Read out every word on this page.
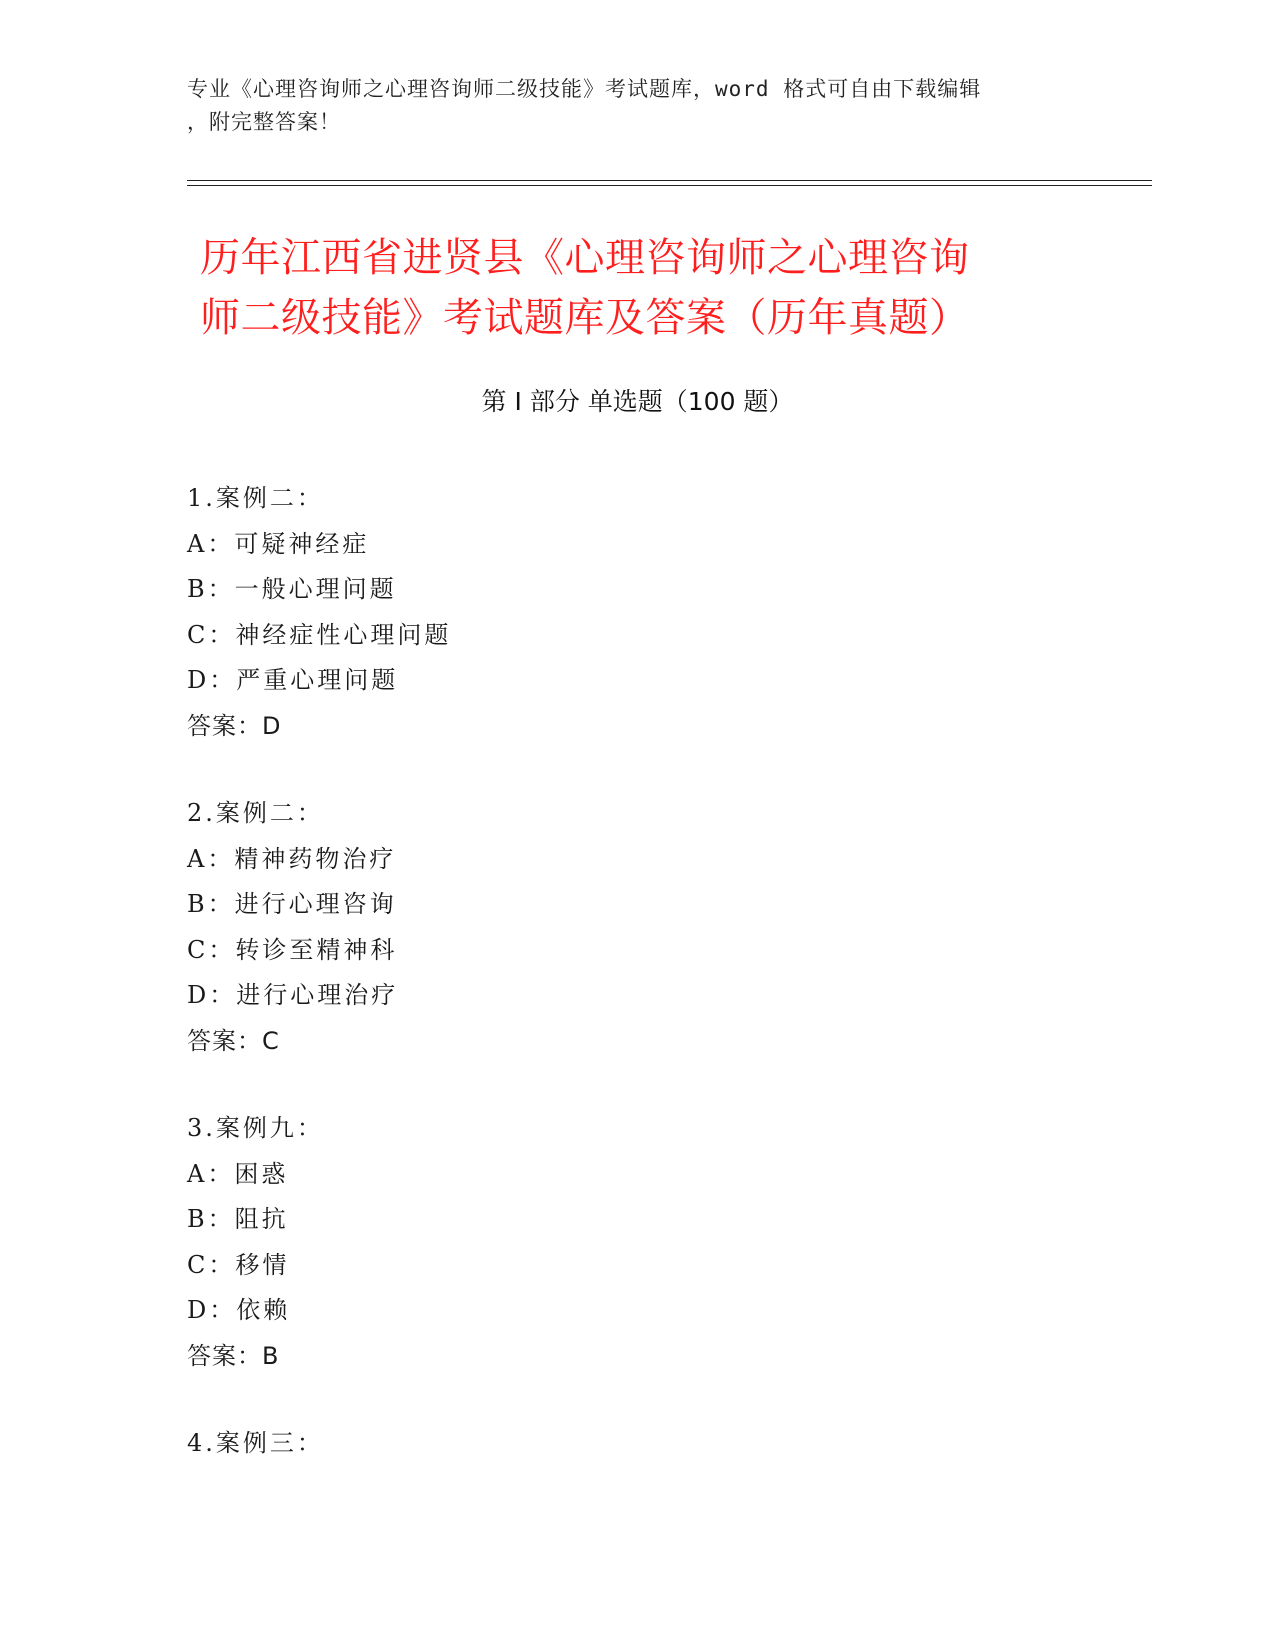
专业《心理咨询师之心理咨询师二级技能》考试题库，word 格式可自由下载编辑
，附完整答案！
历年江西省进贤县《心理咨询师之心理咨询
师二级技能》考试题库及答案（历年真题）
第 I 部分 单选题（100 题）
1.案例二：
A：可疑神经症
B：一般心理问题
C：神经症性心理问题
D：严重心理问题
答案：D
2.案例二：
A：精神药物治疗
B：进行心理咨询
C：转诊至精神科
D：进行心理治疗
答案：C
3.案例九：
A：困惑
B：阻抗
C：移情
D：依赖
答案：B
4.案例三：
